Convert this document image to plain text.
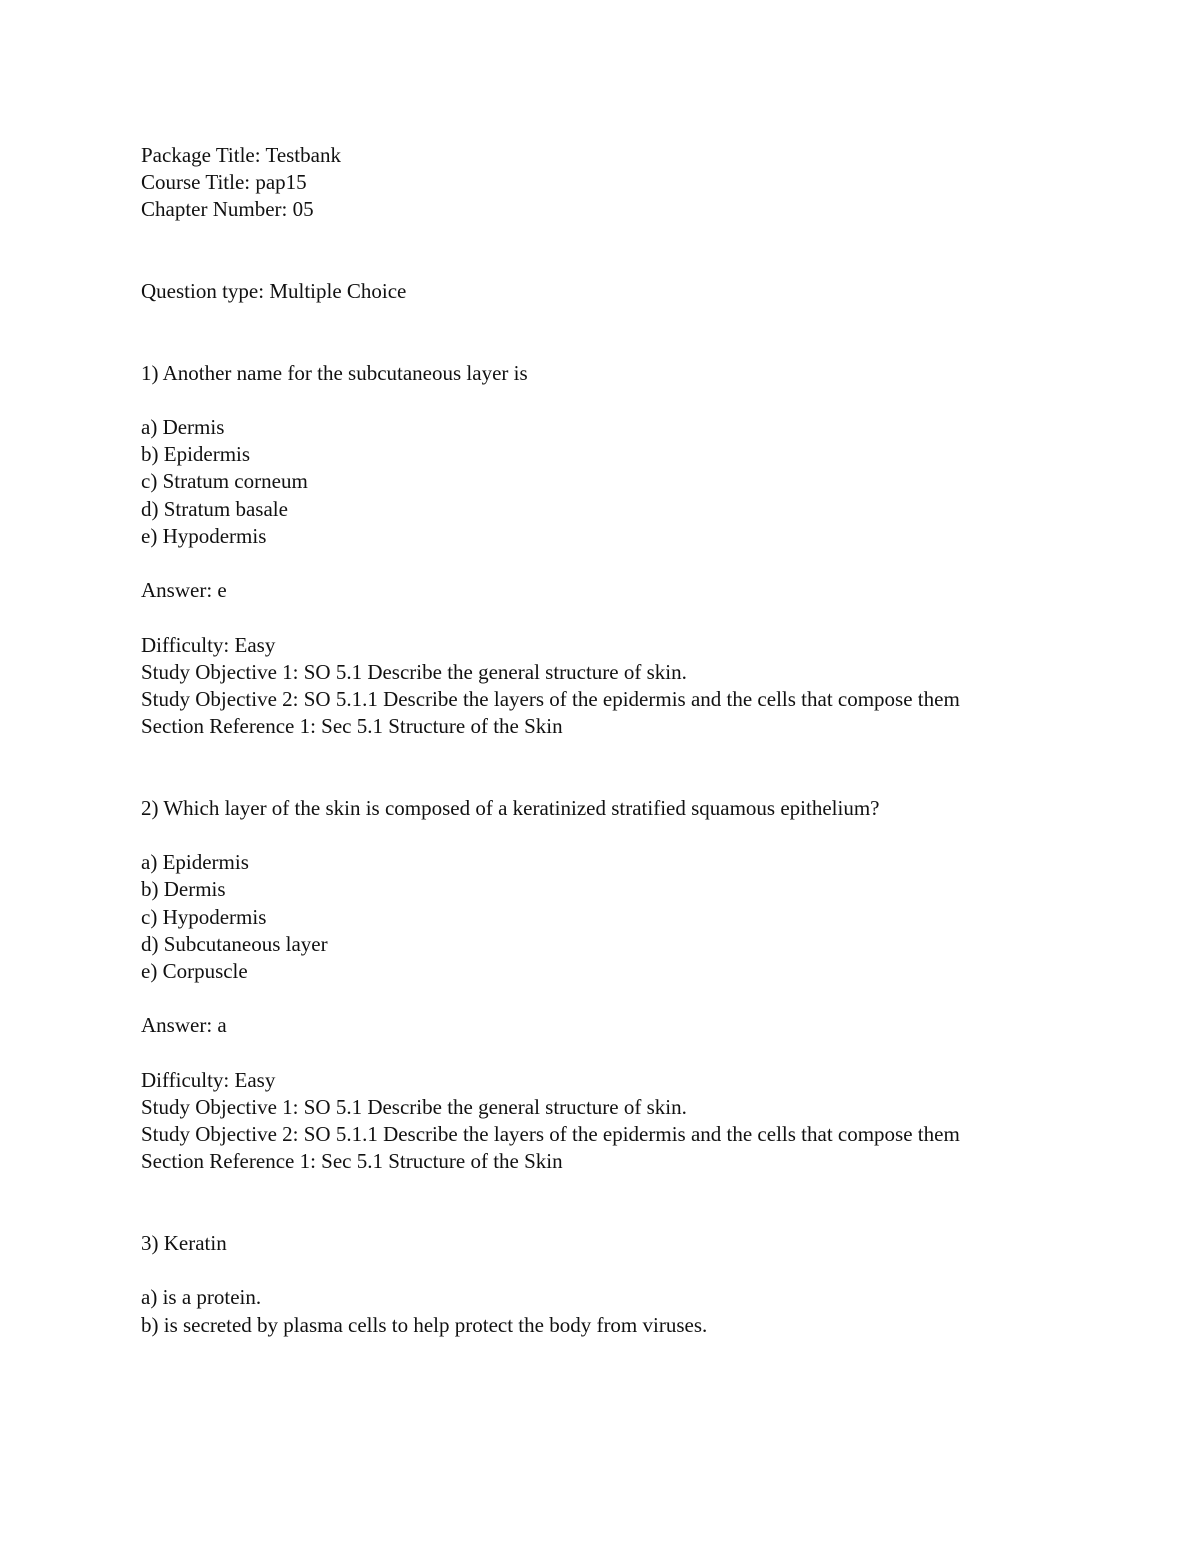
Package Title: Testbank

Course Title: pap15

Chapter Number: 05

Question type: Multiple Choice

1) Another name for the subcutaneous layer is

a) Dermis

b) Epidermis

c) Stratum corneum

d) Stratum basale

e) Hypodermis

Answer: e

Difficulty: Easy

Study Objective 1: SO 5.1 Describe the general structure of skin.

Study Objective 2: SO 5.1.1 Describe the layers of the epidermis and the cells that compose them

Section Reference 1: Sec 5.1 Structure of the Skin

2) Which layer of the skin is composed of a keratinized stratified squamous epithelium?

a) Epidermis

b) Dermis

c) Hypodermis

d) Subcutaneous layer

e) Corpuscle

Answer: a

Difficulty: Easy

Study Objective 1: SO 5.1 Describe the general structure of skin.

Study Objective 2: SO 5.1.1 Describe the layers of the epidermis and the cells that compose them

Section Reference 1: Sec 5.1 Structure of the Skin

3) Keratin

a) is a protein.

b) is secreted by plasma cells to help protect the body from viruses.
